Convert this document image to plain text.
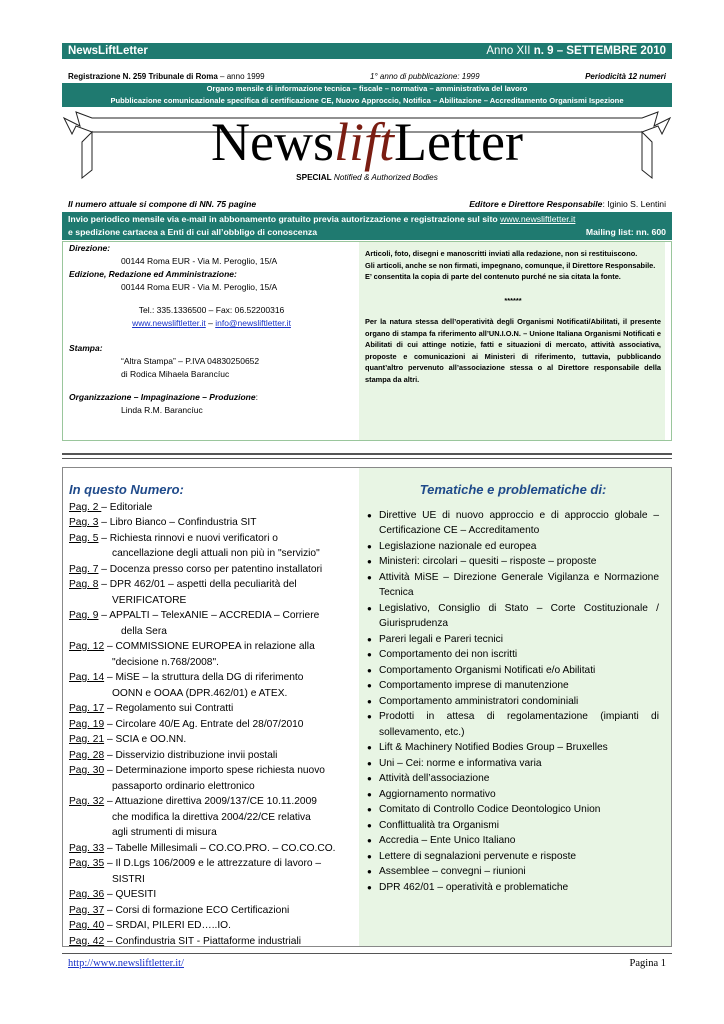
NewsLiftLetter	Anno XII n. 9 – SETTEMBRE 2010
Registrazione N. 259 Tribunale di Roma – anno 1999	1° anno di pubblicazione: 1999	Periodicità 12 numeri
Organo mensile di informazione tecnica – fiscale – normativa – amministrativa del lavoro
Pubblicazione comunicazionale specifica di certificazione CE, Nuovo Approccio, Notifica – Abilitazione – Accreditamento Organismi Ispezione
NewsliftLetter
SPECIAL Notified & Authorized Bodies
Il numero attuale si compone di NN. 75 pagine	Editore e Direttore Responsabile: Iginio S. Lentini
Invio periodico mensile via e-mail in abbonamento gratuito previa autorizzazione e registrazione sul sito www.newsliftletter.it
e spedizione cartacea a Enti di cui all’obbligo di conoscenza	Mailing list: nn. 600
Direzione:
00144 Roma EUR - Via M. Peroglio, 15/A
Edizione, Redazione ed Amministrazione:
00144 Roma EUR - Via M. Peroglio, 15/A
Tel.: 335.1336500 – Fax: 06.52200316
www.newsliftletter.it – info@newsliftletter.it
Stampa:
“Altra Stampa” – P.IVA 04830250652
di Rodica Mihaela Barancíuc
Organizzazione – Impaginazione – Produzione:
Linda R.M. Barancíuc
Articoli, foto, disegni e manoscritti inviati alla redazione, non si restituiscono.
Gli articoli, anche se non firmati, impegnano, comunque, il Direttore Responsabile.
E’ consentita la copia di parte del contenuto purché ne sia citata la fonte.
******
Per la natura stessa dell’operatività degli Organismi Notificati/Abilitati, il presente organo di stampa fa riferimento all’UN.I.O.N. – Unione Italiana Organismi Notificati e Abilitati di cui attinge notizie, fatti e situazioni di mercato, attività associativa, proposte e comunicazioni ai Ministeri di riferimento, tuttavia, pubblicando quant’altro pervenuto all’associazione stessa o al Direttore responsabile della stampa da altri.
In questo Numero:
Pag. 2 – Editoriale
Pag. 3 – Libro Bianco – Confindustria SIT
Pag. 5 – Richiesta rinnovi e nuovi verificatori o
cancellazione degli attuali non più in "servizio"
Pag. 7 – Docenza presso corso per patentino installatori
Pag. 8 – DPR 462/01 – aspetti della peculiarità del
VERIFICATORE
Pag. 9 – APPALTI – TelexANIE – ACCREDIA – Corriere
della Sera
Pag. 12 – COMMISSIONE EUROPEA in relazione alla
"decisione n.768/2008".
Pag. 14 – MiSE – la struttura della DG di riferimento
OONN e OOAA (DPR.462/01) e ATEX.
Pag. 17 – Regolamento sui Contratti
Pag. 19 – Circolare 40/E Ag. Entrate del 28/07/2010
Pag. 21 – SCIA e OO.NN.
Pag. 28 – Disservizio distribuzione invii postali
Pag. 30 – Determinazione importo spese richiesta nuovo
passaporto ordinario elettronico
Pag. 32 – Attuazione direttiva 2009/137/CE 10.11.2009
che modifica la direttiva 2004/22/CE relativa
agli strumenti di misura
Pag. 33 – Tabelle Millesimali – CO.CO.PRO. – CO.CO.CO.
Pag. 35 – Il D.Lgs 106/2009 e le attrezzature di lavoro –
SISTRI
Pag. 36 – QUESITI
Pag. 37 – Corsi di formazione ECO Certificazioni
Pag. 40 – SRDAI, PILERI ED…..IO.
Pag. 42 – Confindustria SIT - Piattaforme industriali
Tematiche e problematiche di:
● Direttive UE di nuovo approccio e di approccio globale – Certificazione CE – Accreditamento
● Legislazione nazionale ed europea
● Ministeri: circolari – quesiti – risposte – proposte
● Attività MiSE – Direzione Generale Vigilanza e Normazione Tecnica
● Legislativo, Consiglio di Stato – Corte Costituzionale / Giurisprudenza
● Pareri legali e Pareri tecnici
● Comportamento dei non iscritti
● Comportamento Organismi Notificati e/o Abilitati
● Comportamento imprese di manutenzione
● Comportamento amministratori condominiali
● Prodotti in attesa di regolamentazione (impianti di sollevamento, etc.)
● Lift & Machinery Notified Bodies Group – Bruxelles
● Uni – Cei: norme e informativa varia
● Attività dell’associazione
● Aggiornamento normativo
● Comitato di Controllo Codice Deontologico Union
● Conflittualità tra Organismi
● Accredia – Ente Unico Italiano
● Lettere di segnalazioni pervenute e risposte
● Assemblee – convegni – riunioni
● DPR 462/01 – operatività e problematiche
http://www.newsliftletter.it/	Pagina 1
